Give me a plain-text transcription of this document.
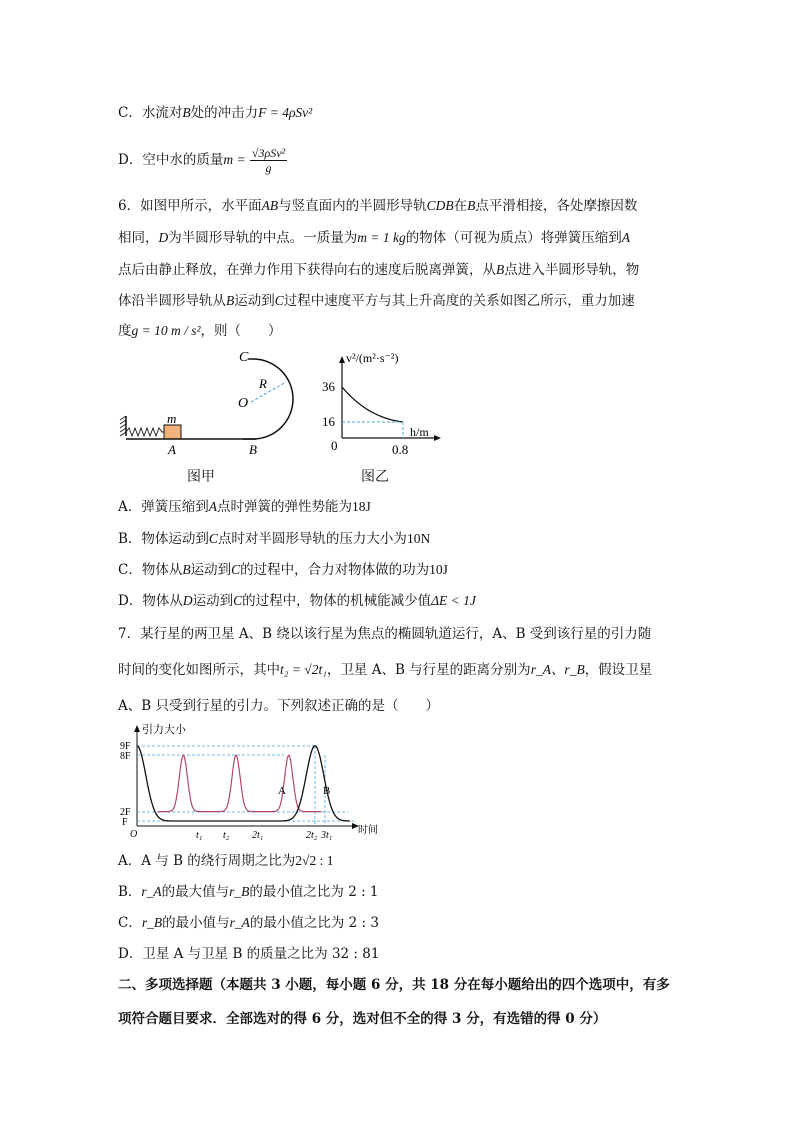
C．水流对B处的冲击力F = 4ρSv²
D．空中水的质量$m = \frac{\text{√3ρSv²}}{g}$
6．如图甲所示，水平面AB与竖直面内的半圆形导轨CDB在B点平滑相接，各处摩擦因数
相同，D为半圆形导轨的中点。一质量为m = 1 kg的物体（可视为质点）将弹簧压缩到A
点后由静止释放，在弹力作用下获得向右的速度后脱离弹簧，从B点进入半圆形导轨，物
体沿半圆形导轨从B运动到C过程中速度平方与其上升高度的关系如图乙所示，重力加速
度g = 10 m / s²，则（　　）
C
R
O
m
A	B
图甲
v²/(m²·s⁻²)
36
16
0	0.8
h/m
图乙
A．弹簧压缩到A点时弹簧的弹性势能为18J
B．物体运动到C点时对半圆形导轨的压力大小为10N
C．物体从B运动到C的过程中，合力对物体做的功为10J
D．物体从D运动到C的过程中，物体的机械能减少值ΔE < 1J
7．某行星的两卫星 A、B 绕以该行星为焦点的椭圆轨道运行，A、B 受到该行星的引力随
时间的变化如图所示，其中t₂ = √2t₁，卫星 A、B 与行星的距离分别为r_A、r_B，假设卫星
A、B 只受到行星的引力。下列叙述正确的是（　　）
引力大小
时间
9F
8F
2F
F
O	t₁ t₂ 2t₁	2t₂ 3t₁
A	B
A．A 与 B 的绕行周期之比为2√2 : 1
B．r_A的最大值与r_B的最小值之比为 2 : 1
C．r_B的最小值与r_A的最小值之比为 2 : 3
D．卫星 A 与卫星 B 的质量之比为 32 : 81
二、多项选择题（本题共 3 小题，每小题 6 分，共 18 分在每小题给出的四个选项中，有多
项符合题目要求．全部选对的得 6 分，选对但不全的得 3 分，有选错的得 0 分）
